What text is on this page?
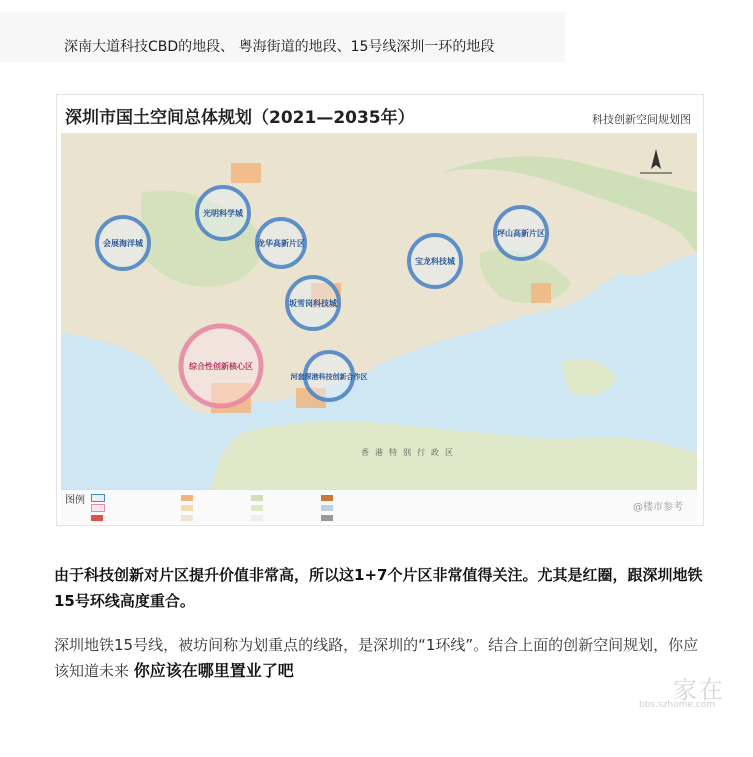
深南大道科技CBD的地段、 粤海街道的地段、15号线深圳一环的地段
深圳市国土空间总体规划（2021—2035年）	科技创新空间规划图
会展海洋城
光明科学城
龙华高新片区
坂雪岗科技城
宝龙科技城
坪山高新片区
综合性创新核心区
河套深港科技创新合作区
香港特别行政区
图例
@楼市参考

由于科技创新对片区提升价值非常高，所以这1+7个片区非常值得关注。尤其是红圈，跟深圳地铁15号环线高度重合。

深圳地铁15号线，被坊间称为划重点的线路，是深圳的“1环线”。结合上面的创新空间规划，你应该知道未来 你应该在哪里置业了吧

家在
bbs.szhome.com
